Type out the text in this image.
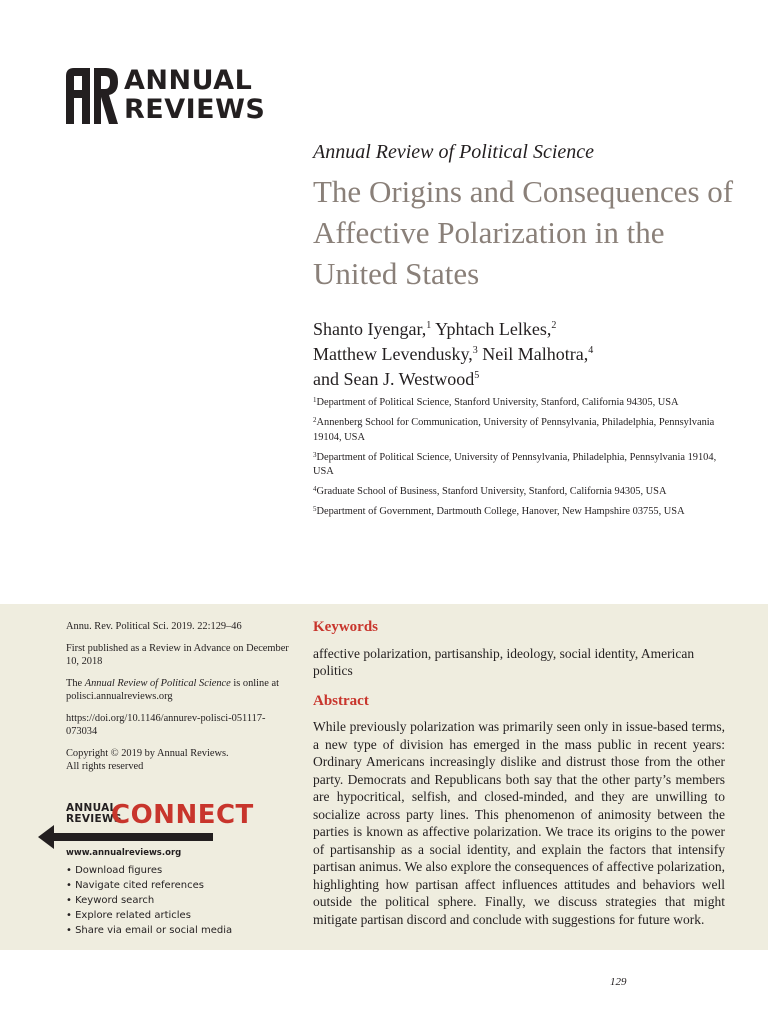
ANNUAL
REVIEWS
Annual Review of Political Science
The Origins and Consequences of Affective Polarization in the United States
Shanto Iyengar,$^1$ Yphtach Lelkes,$^2$
Matthew Levendusky,$^3$ Neil Malhotra,$^4$
and Sean J. Westwood$^5$
$^1$Department of Political Science, Stanford University, Stanford, California 94305, USA
$^2$Annenberg School for Communication, University of Pennsylvania, Philadelphia, Pennsylvania 19104, USA
$^3$Department of Political Science, University of Pennsylvania, Philadelphia, Pennsylvania 19104, USA
$^4$Graduate School of Business, Stanford University, Stanford, California 94305, USA
$^5$Department of Government, Dartmouth College, Hanover, New Hampshire 03755, USA

Annu. Rev. Political Sci. 2019. 22:129–46

First published as a Review in Advance on December 10, 2018

The Annual Review of Political Science is online at polisci.annualreviews.org

https://doi.org/10.1146/annurev-polisci-051117-073034

Copyright © 2019 by Annual Reviews.
All rights reserved

ANNUAL
REVIEWS
CONNECT
www.annualreviews.org
• Download figures
• Navigate cited references
• Keyword search
• Explore related articles
• Share via email or social media
Keywords
affective polarization, partisanship, ideology, social identity, American politics
Abstract
While previously polarization was primarily seen only in issue-based terms, a new type of division has emerged in the mass public in recent years: Ordinary Americans increasingly dislike and distrust those from the other party. Democrats and Republicans both say that the other party’s members are hypocritical, selfish, and closed-minded, and they are unwilling to socialize across party lines. This phenomenon of animosity between the parties is known as affective polarization. We trace its origins to the power of partisanship as a social identity, and explain the factors that intensify partisan animus. We also explore the consequences of affective polarization, highlighting how partisan affect influences attitudes and behaviors well outside the political sphere. Finally, we discuss strategies that might mitigate partisan discord and conclude with suggestions for future work.
129
